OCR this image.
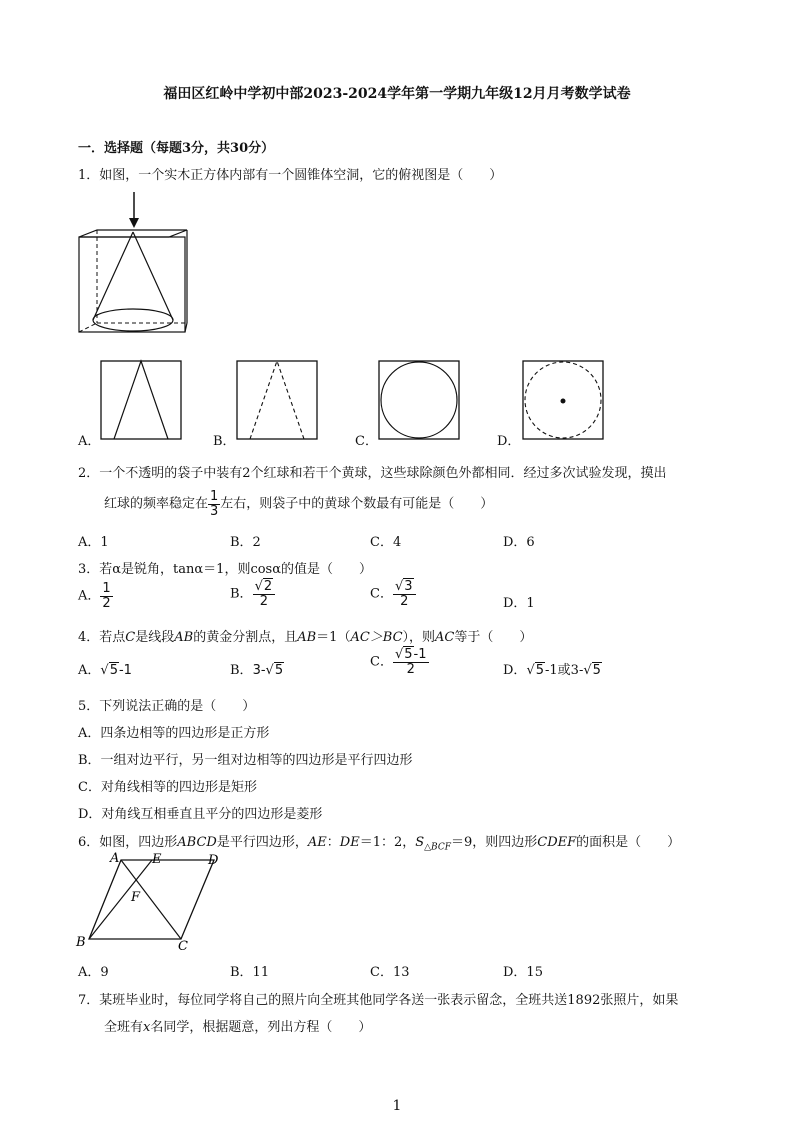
福田区红岭中学初中部2023-2024学年第一学期九年级12月月考数学试卷
一．选择题（每题3分，共30分）
1．如图，一个实木正方体内部有一个圆锥体空洞，它的俯视图是（　　）
A．	B．	C．	D．
2．一个不透明的袋子中装有2个红球和若干个黄球，这些球除颜色外都相同．经过多次试验发现，摸出
红球的频率稳定在 $\frac{1}{3}$ 左右，则袋子中的黄球个数最有可能是（　　）
A．1	B．2	C．4	D．6
3．若α是锐角，tanα＝1，则cosα的值是（　　）
A． $\frac{1}{2}$	B． $\frac{√2}{2}$	C． $\frac{√3}{2}$	D．1
4．若点C是线段AB的黄金分割点，且AB＝1（AC＞BC），则AC等于（　　）
A．√5-1	B．3-√5
C． $\frac{√5-1}{2}$	D．√5-1或3-√5
5．下列说法正确的是（　　）
A．四条边相等的四边形是正方形
B．一组对边平行，另一组对边相等的四边形是平行四边形
C．对角线相等的四边形是矩形
D．对角线互相垂直且平分的四边形是菱形
6．如图，四边形ABCD是平行四边形，AE：DE＝1：2，$S_{\triangle BCF}=9$，则四边形CDEF的面积是（　　）
A	E	D
F
B	C
A．9	B．11	C．13	D．15
7．某班毕业时，每位同学将自己的照片向全班其他同学各送一张表示留念，全班共送1892张照片，如果
全班有x名同学，根据题意，列出方程（　　）
1
